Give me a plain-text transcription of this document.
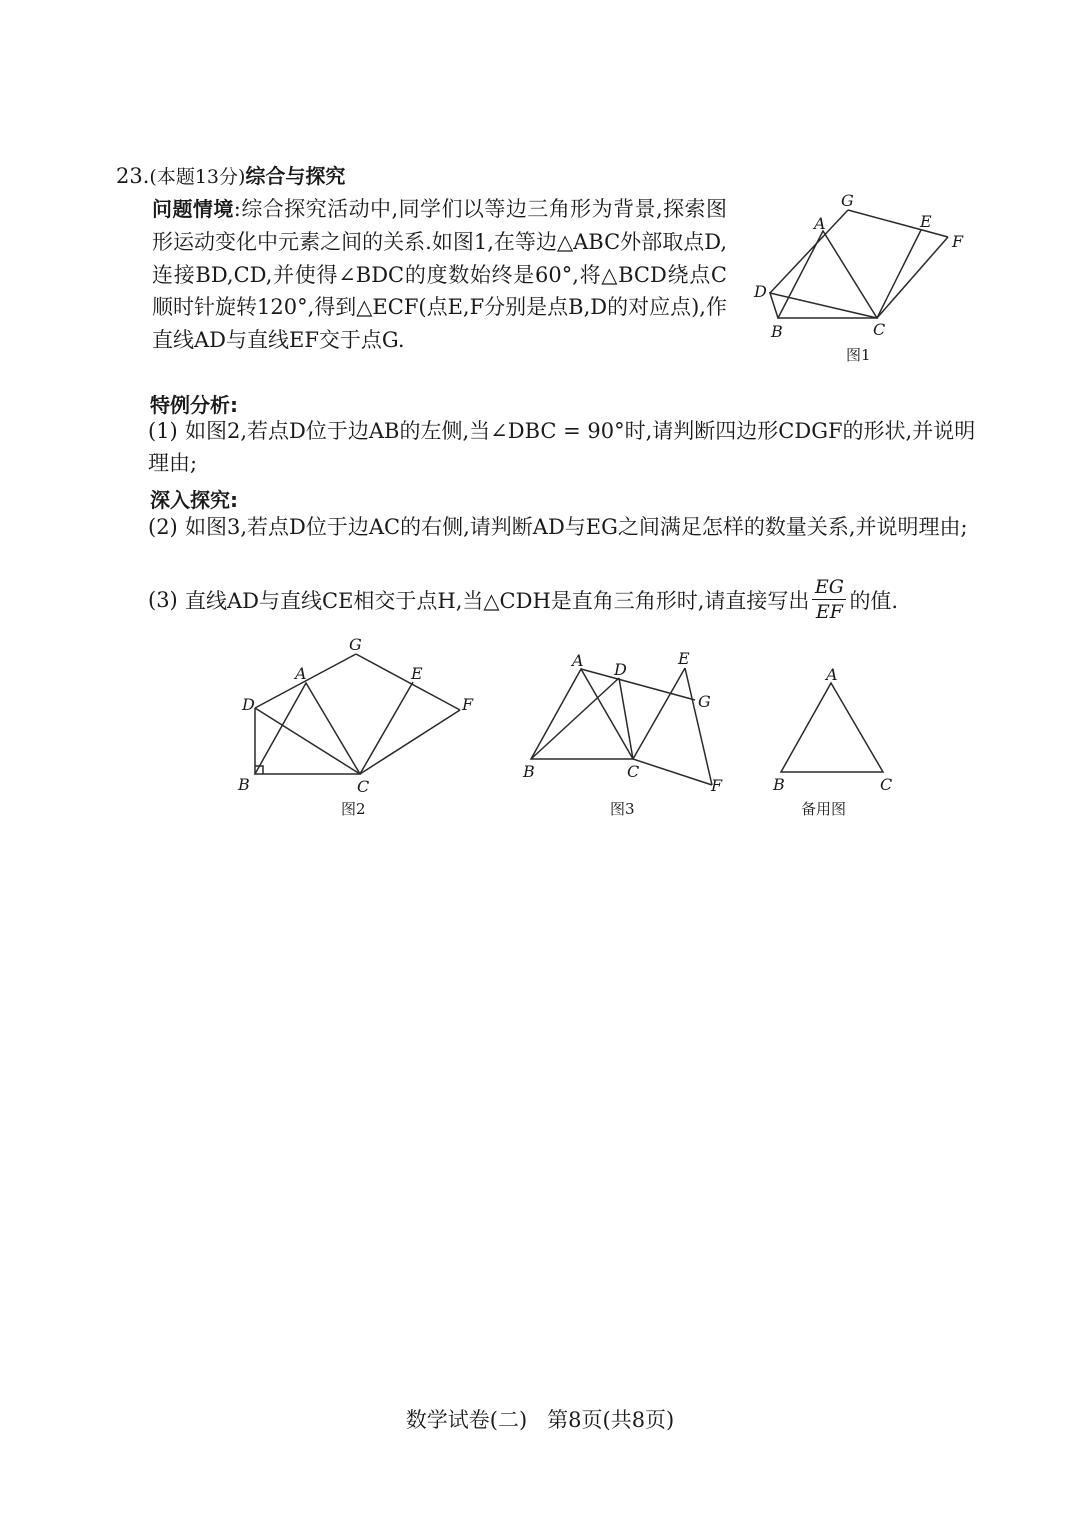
23.(本题13分)综合与探究
问题情境:综合探究活动中,同学们以等边三角形为背景,探索图形运动变化中元素之间的关系.如图1,在等边△ABC外部取点D,连接BD,CD,并使得∠BDC的度数始终是60°,将△BCD绕点C顺时针旋转120°,得到△ECF(点E,F分别是点B,D的对应点),作直线AD与直线EF交于点G.
G
A	E
F
D
B	C
图1
特例分析:
(1) 如图2,若点D位于边AB的左侧,当∠DBC = 90°时,请判断四边形CDGF的形状,并说明理由;
深入探究:
(2) 如图3,若点D位于边AC的右侧,请判断AD与EG之间满足怎样的数量关系,并说明理由;
(3) 直线AD与直线CE相交于点H,当△CDH是直角三角形时,请直接写出 $\frac{EG}{EF}$ 的值.
G
A	E
F
D
B	C
图2
A D
E
G
B	C
F
图3
A
B	C
备用图
数学试卷(二) 第8页(共8页)
